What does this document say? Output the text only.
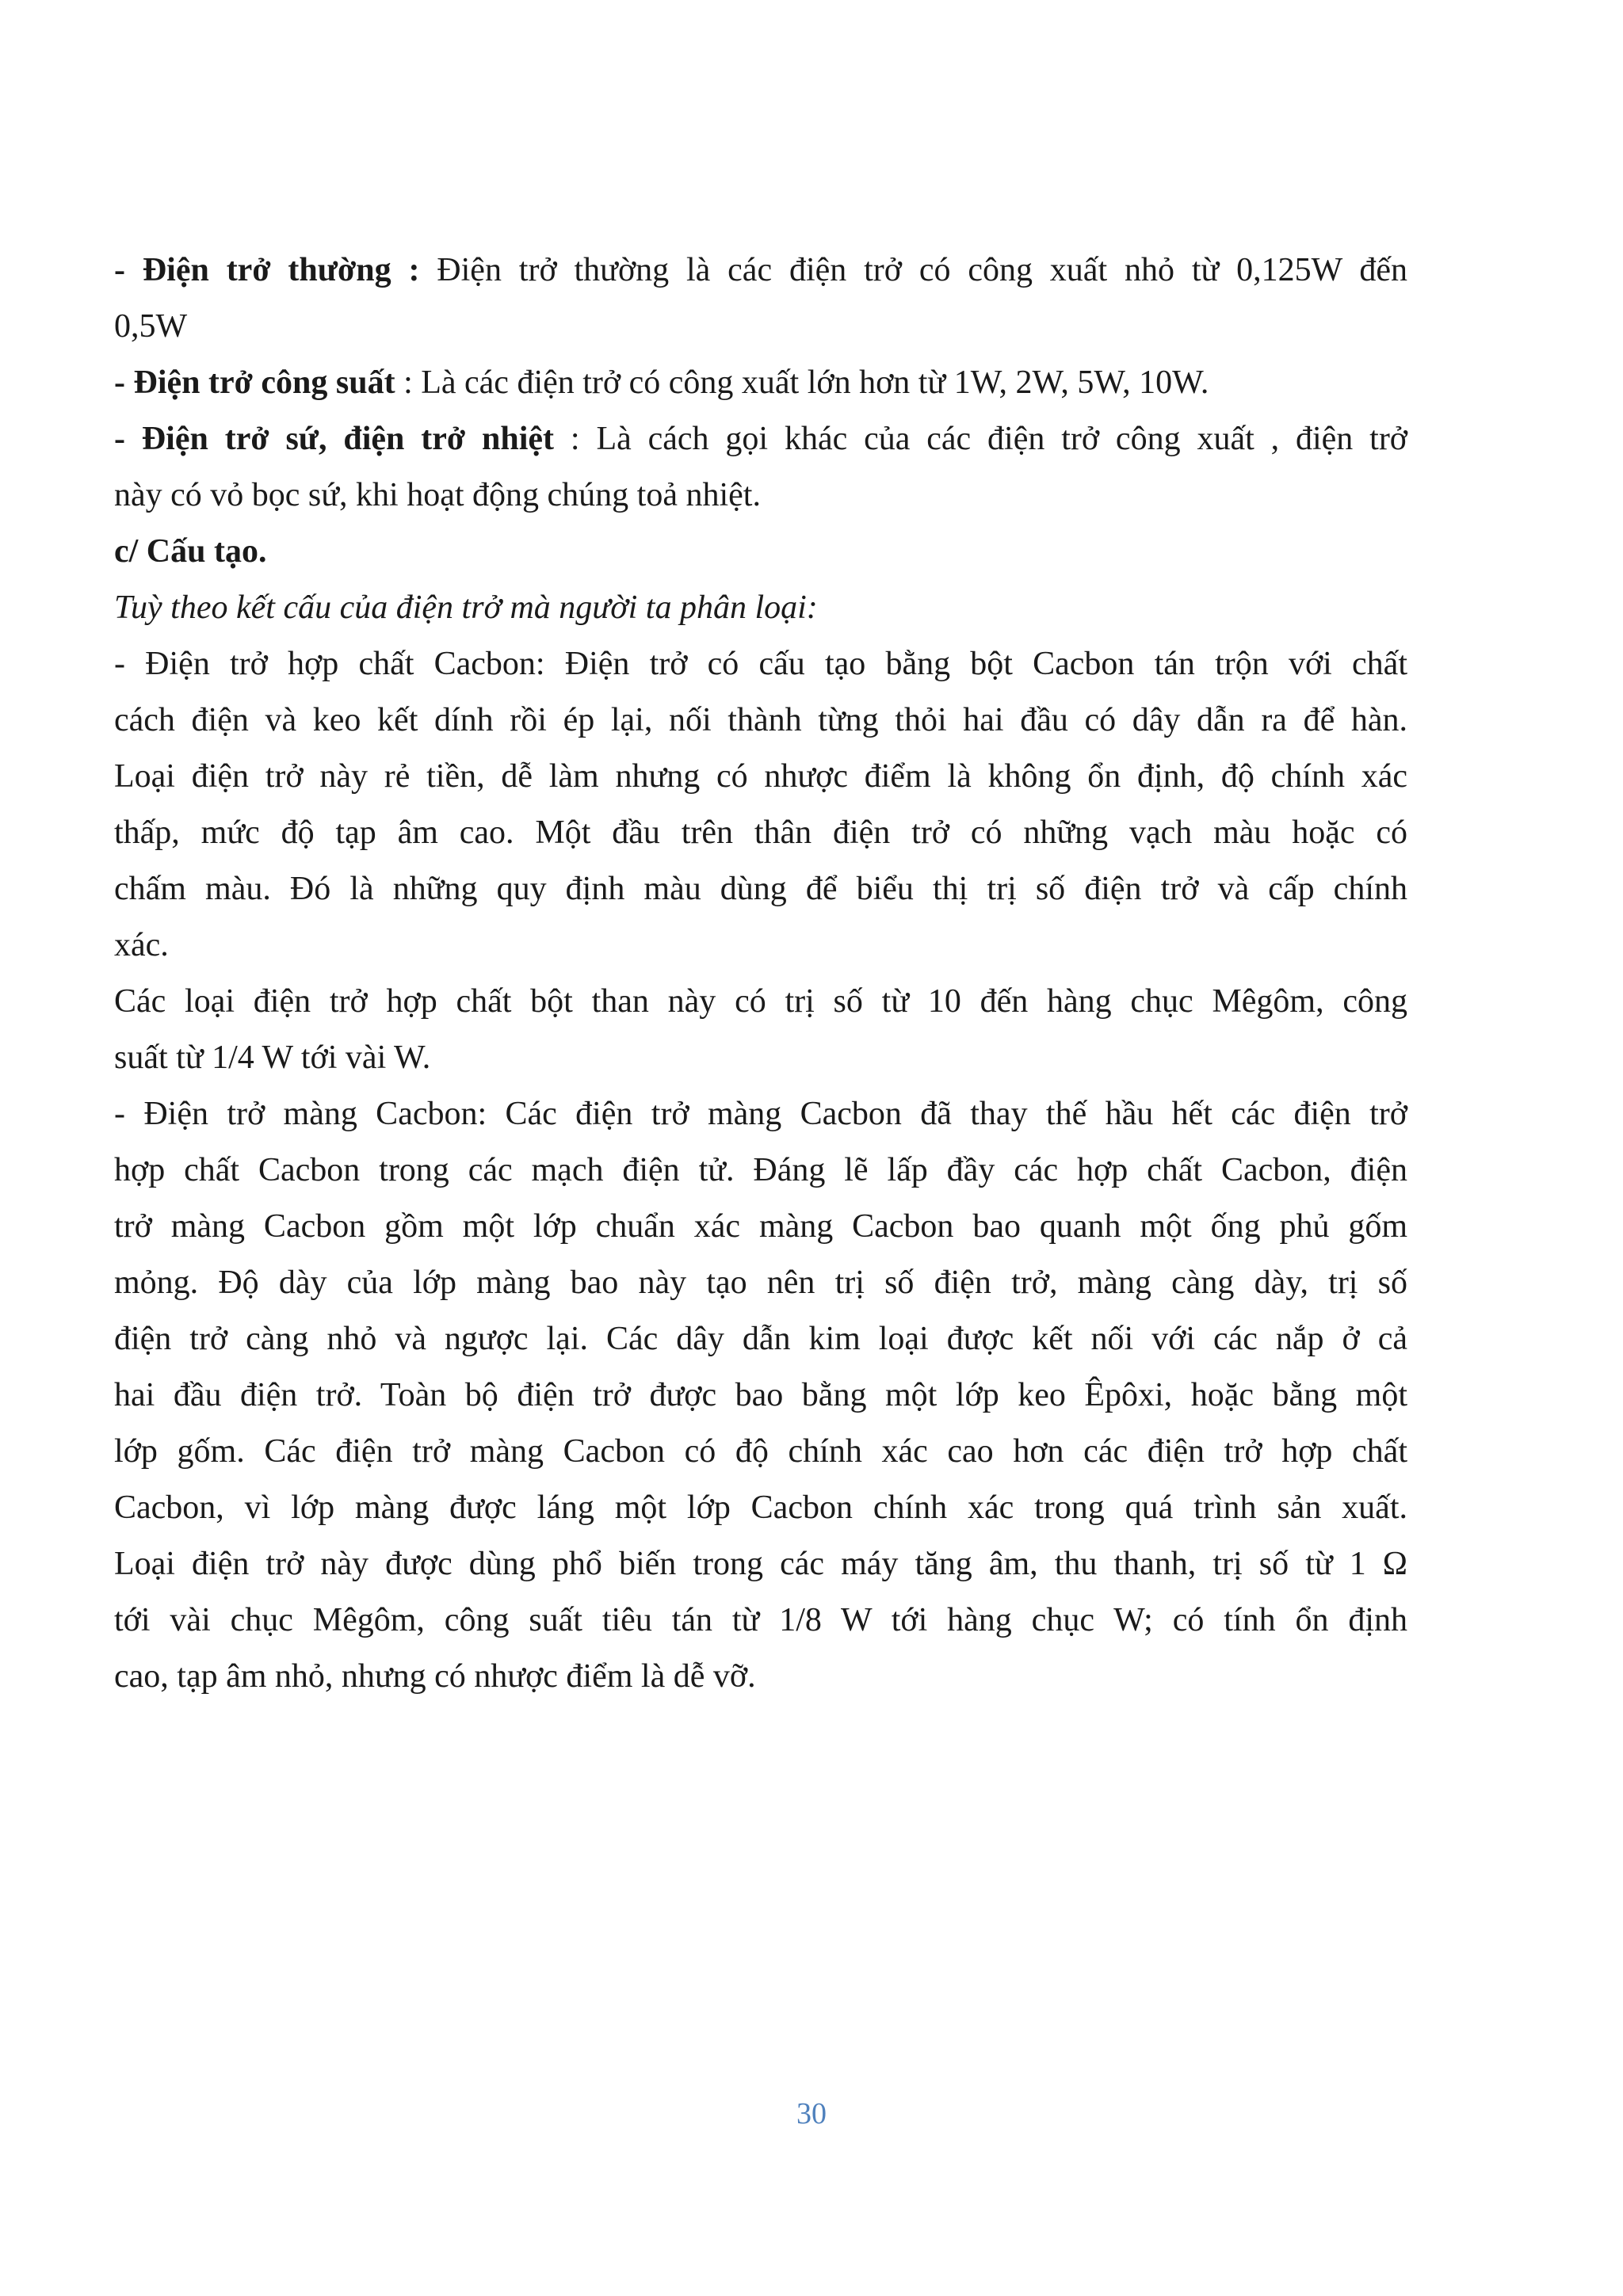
- Điện trở thường : Điện trở thường là các điện trở có công xuất nhỏ từ 0,125W đến
0,5W
- Điện trở công suất : Là các điện trở có công xuất lớn hơn từ 1W, 2W, 5W, 10W.
- Điện trở sứ, điện trở nhiệt : Là cách gọi khác của các điện trở công xuất , điện trở
này có vỏ bọc sứ, khi hoạt động chúng toả nhiệt.
c/ Cấu tạo.
Tuỳ theo kết cấu của điện trở mà người ta phân loại:
- Điện trở hợp chất Cacbon: Điện trở có cấu tạo bằng bột Cacbon tán trộn với chất
cách điện và keo kết dính rồi ép lại, nối thành từng thỏi hai đầu có dây dẫn ra để hàn.
Loại điện trở này rẻ tiền, dễ làm nhưng có nhược điểm là không ổn định, độ chính xác
thấp, mức độ tạp âm cao. Một đầu trên thân điện trở có những vạch màu hoặc có
chấm màu. Đó là những quy định màu dùng để biểu thị trị số điện trở và cấp chính
xác.
Các loại điện trở hợp chất bột than này có trị số từ 10 đến hàng chục Mêgôm, công
suất từ 1/4 W tới vài W.
- Điện trở màng Cacbon: Các điện trở màng Cacbon đã thay thế hầu hết các điện trở
hợp chất Cacbon trong các mạch điện tử. Đáng lẽ lấp đầy các hợp chất Cacbon, điện
trở màng Cacbon gồm một lớp chuẩn xác màng Cacbon bao quanh một ống phủ gốm
mỏng. Độ dày của lớp màng bao này tạo nên trị số điện trở, màng càng dày, trị số
điện trở càng nhỏ và ngược lại. Các dây dẫn kim loại được kết nối với các nắp ở cả
hai đầu điện trở. Toàn bộ điện trở được bao bằng một lớp keo Êpôxi, hoặc bằng một
lớp gốm. Các điện trở màng Cacbon có độ chính xác cao hơn các điện trở hợp chất
Cacbon, vì lớp màng được láng một lớp Cacbon chính xác trong quá trình sản xuất.
Loại điện trở này được dùng phổ biến trong các máy tăng âm, thu thanh, trị số từ 1 Ω
tới vài chục Mêgôm, công suất tiêu tán từ 1/8 W tới hàng chục W; có tính ổn định
cao, tạp âm nhỏ, nhưng có nhược điểm là dễ vỡ.
30
